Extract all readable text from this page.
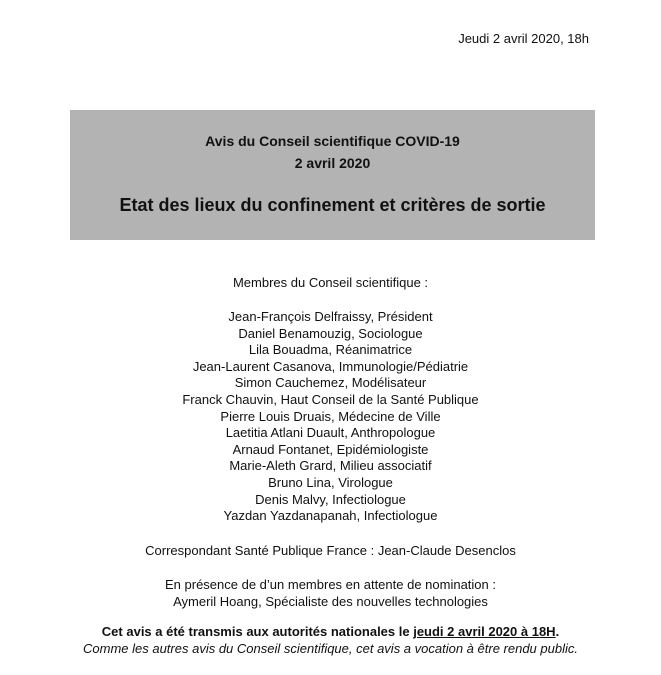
Jeudi 2 avril 2020, 18h
Avis du Conseil scientifique COVID-19
2 avril 2020
Etat des lieux du confinement et critères de sortie
Membres du Conseil scientifique :
Jean-François Delfraissy, Président
Daniel Benamouzig, Sociologue
Lila Bouadma, Réanimatrice
Jean-Laurent Casanova, Immunologie/Pédiatrie
Simon Cauchemez, Modélisateur
Franck Chauvin, Haut Conseil de la Santé Publique
Pierre Louis Druais, Médecine de Ville
Laetitia Atlani Duault, Anthropologue
Arnaud Fontanet, Epidémiologiste
Marie-Aleth Grard, Milieu associatif
Bruno Lina, Virologue
Denis Malvy, Infectiologue
Yazdan Yazdanapanah, Infectiologue
Correspondant Santé Publique France : Jean-Claude Desenclos
En présence de d’un membres en attente de nomination :
Aymeril Hoang, Spécialiste des nouvelles technologies
Cet avis a été transmis aux autorités nationales le jeudi 2 avril 2020 à 18H.
Comme les autres avis du Conseil scientifique, cet avis a vocation à être rendu public.
